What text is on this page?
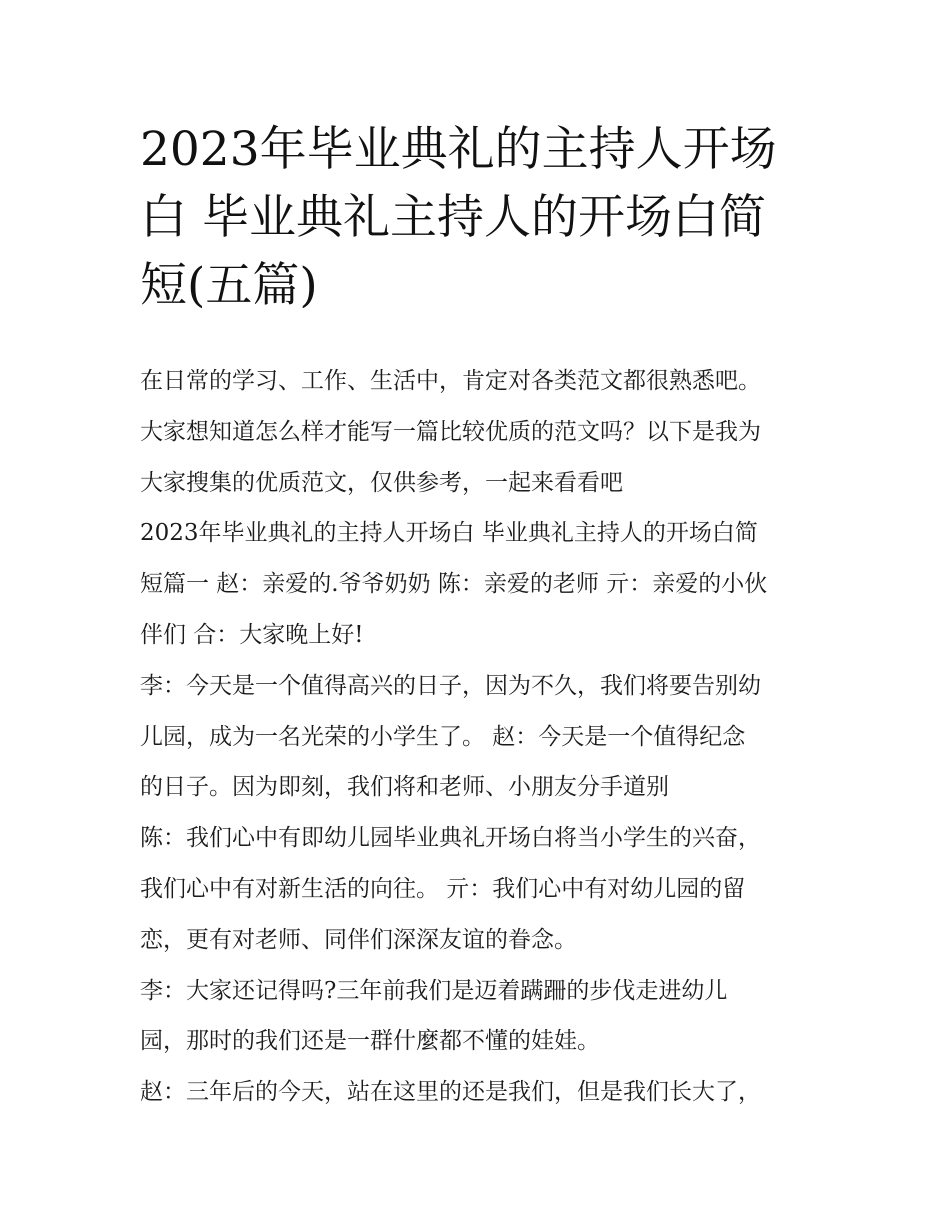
2023年毕业典礼的主持人开场
白 毕业典礼主持人的开场白简
短(五篇)
在日常的学习、工作、生活中，肯定对各类范文都很熟悉吧。
大家想知道怎么样才能写一篇比较优质的范文吗？以下是我为
大家搜集的优质范文，仅供参考，一起来看看吧
2023年毕业典礼的主持人开场白 毕业典礼主持人的开场白简
短篇一 赵：亲爱的.爷爷奶奶 陈：亲爱的老师 亓：亲爱的小伙
伴们 合：大家晚上好!
李：今天是一个值得高兴的日子，因为不久，我们将要告别幼
儿园，成为一名光荣的小学生了。 赵：今天是一个值得纪念
的日子。因为即刻，我们将和老师、小朋友分手道别
陈：我们心中有即幼儿园毕业典礼开场白将当小学生的兴奋，
我们心中有对新生活的向往。 亓：我们心中有对幼儿园的留
恋，更有对老师、同伴们深深友谊的眷念。
李：大家还记得吗?三年前我们是迈着蹒跚的步伐走进幼儿
园，那时的我们还是一群什麼都不懂的娃娃。
赵：三年后的今天，站在这里的还是我们，但是我们长大了，
